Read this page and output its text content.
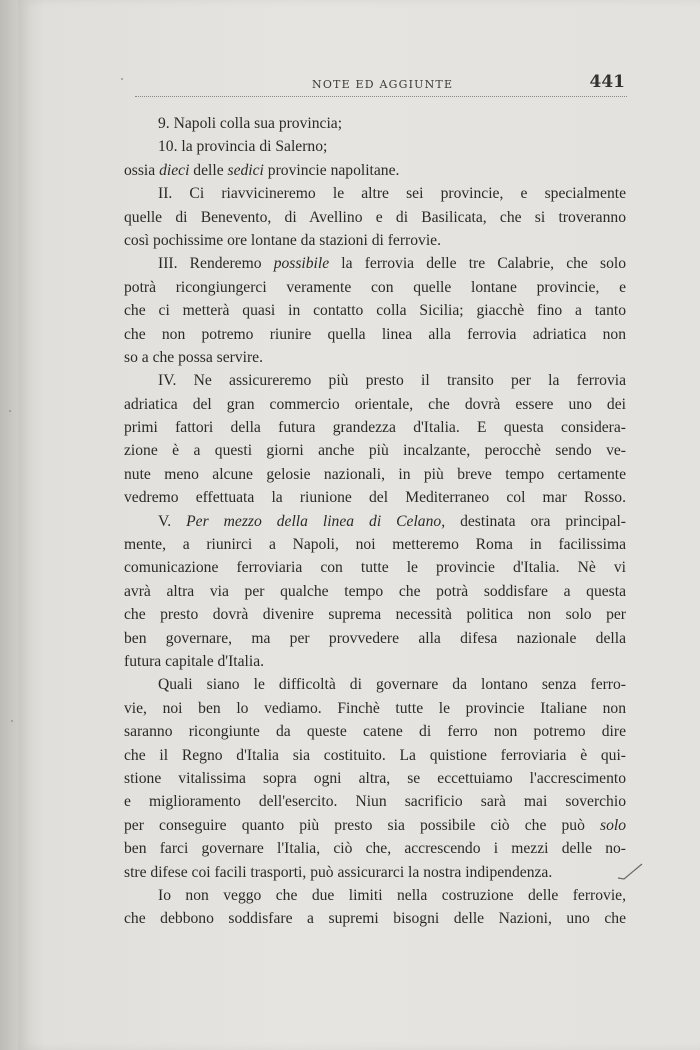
NOTE ED AGGIUNTE	441
9. Napoli colla sua provincia;
10. la provincia di Salerno;
ossia dieci delle sedici provincie napolitane.
II. Ci riavvicineremo le altre sei provincie, e specialmente
quelle di Benevento, di Avellino e di Basilicata, che si troveranno
così pochissime ore lontane da stazioni di ferrovie.
III. Renderemo possibile la ferrovia delle tre Calabrie, che solo
potrà ricongiungerci veramente con quelle lontane provincie, e
che ci metterà quasi in contatto colla Sicilia; giacchè fino a tanto
che non potremo riunire quella linea alla ferrovia adriatica non
so a che possa servire.
IV. Ne assicureremo più presto il transito per la ferrovia
adriatica del gran commercio orientale, che dovrà essere uno dei
primi fattori della futura grandezza d'Italia. E questa considera-
zione è a questi giorni anche più incalzante, perocchè sendo ve-
nute meno alcune gelosie nazionali, in più breve tempo certamente
vedremo effettuata la riunione del Mediterraneo col mar Rosso.
V. Per mezzo della linea di Celano, destinata ora principal-
mente, a riunirci a Napoli, noi metteremo Roma in facilissima
comunicazione ferroviaria con tutte le provincie d'Italia. Nè vi
avrà altra via per qualche tempo che potrà soddisfare a questa
che presto dovrà divenire suprema necessità politica non solo per
ben governare, ma per provvedere alla difesa nazionale della
futura capitale d'Italia.
Quali siano le difficoltà di governare da lontano senza ferro-
vie, noi ben lo vediamo. Finchè tutte le provincie Italiane non
saranno ricongiunte da queste catene di ferro non potremo dire
che il Regno d'Italia sia costituito. La quistione ferroviaria è qui-
stione vitalissima sopra ogni altra, se eccettuiamo l'accrescimento
e miglioramento dell'esercito. Niun sacrificio sarà mai soverchio
per conseguire quanto più presto sia possibile ciò che può solo
ben farci governare l'Italia, ciò che, accrescendo i mezzi delle no-
stre difese coi facili trasporti, può assicurarci la nostra indipendenza.
Io non veggo che due limiti nella costruzione delle ferrovie,
che debbono soddisfare a supremi bisogni delle Nazioni, uno che
